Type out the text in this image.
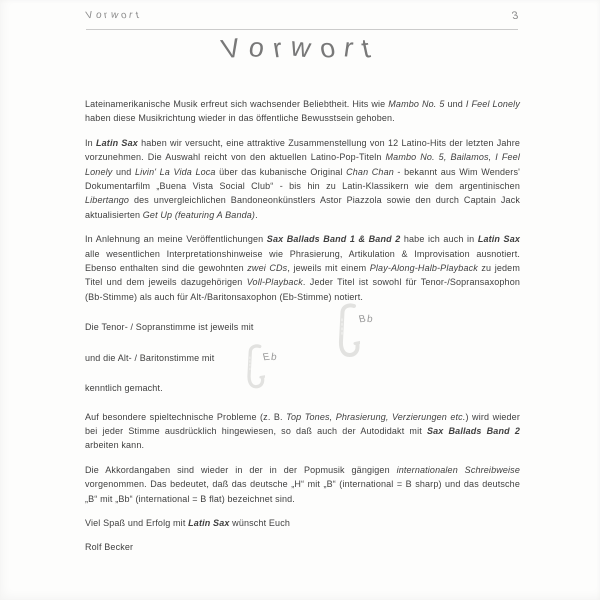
Vorwort	3
Vorwort

Lateinamerikanische Musik erfreut sich wachsender Beliebtheit. Hits wie Mambo No. 5 und I Feel Lonely haben diese Musikrichtung wieder in das öffentliche Bewusstsein gehoben.

In Latin Sax haben wir versucht, eine attraktive Zusammenstellung von 12 Latino-Hits der letzten Jahre vorzunehmen. Die Auswahl reicht von den aktuellen Latino-Pop-Titeln Mambo No. 5, Bailamos, I Feel Lonely und Livin' La Vida Loca über das kubanische Original Chan Chan - bekannt aus Wim Wenders' Dokumentarfilm „Buena Vista Social Club“ - bis hin zu Latin-Klassikern wie dem argentinischen Libertango des unvergleichlichen Bandoneonkünstlers Astor Piazzola sowie den durch Captain Jack aktualisierten Get Up (featuring A Banda).

In Anlehnung an meine Veröffentlichungen Sax Ballads Band 1 & Band 2 habe ich auch in Latin Sax alle wesentlichen Interpretationshinweise wie Phrasierung, Artikulation & Improvisation ausnotiert. Ebenso enthalten sind die gewohnten zwei CDs, jeweils mit einem Play-Along-Halb-Playback zu jedem Titel und dem jeweils dazugehörigen Voll-Playback. Jeder Titel ist sowohl für Tenor-/Sopransaxophon (Bb-Stimme) als auch für Alt-/Baritonsaxophon (Eb-Stimme) notiert.

Die Tenor- / Sopranstimme ist jeweils mit

und die Alt- / Baritonstimme mit

kenntlich gemacht.

Auf besondere spieltechnische Probleme (z. B. Top Tones, Phrasierung, Verzierungen etc.) wird wieder bei jeder Stimme ausdrücklich hingewiesen, so daß auch der Autodidakt mit Sax Ballads Band 2 arbeiten kann.

Die Akkordangaben sind wieder in der in der Popmusik gängigen internationalen Schreibweise vorgenommen. Das bedeutet, daß das deutsche „H“ mit „B“ (international = B sharp) und das deutsche „B“ mit „Bb“ (international = B flat) bezeichnet sind.

Viel Spaß und Erfolg mit Latin Sax wünscht Euch

Rolf Becker

Bb
Eb
